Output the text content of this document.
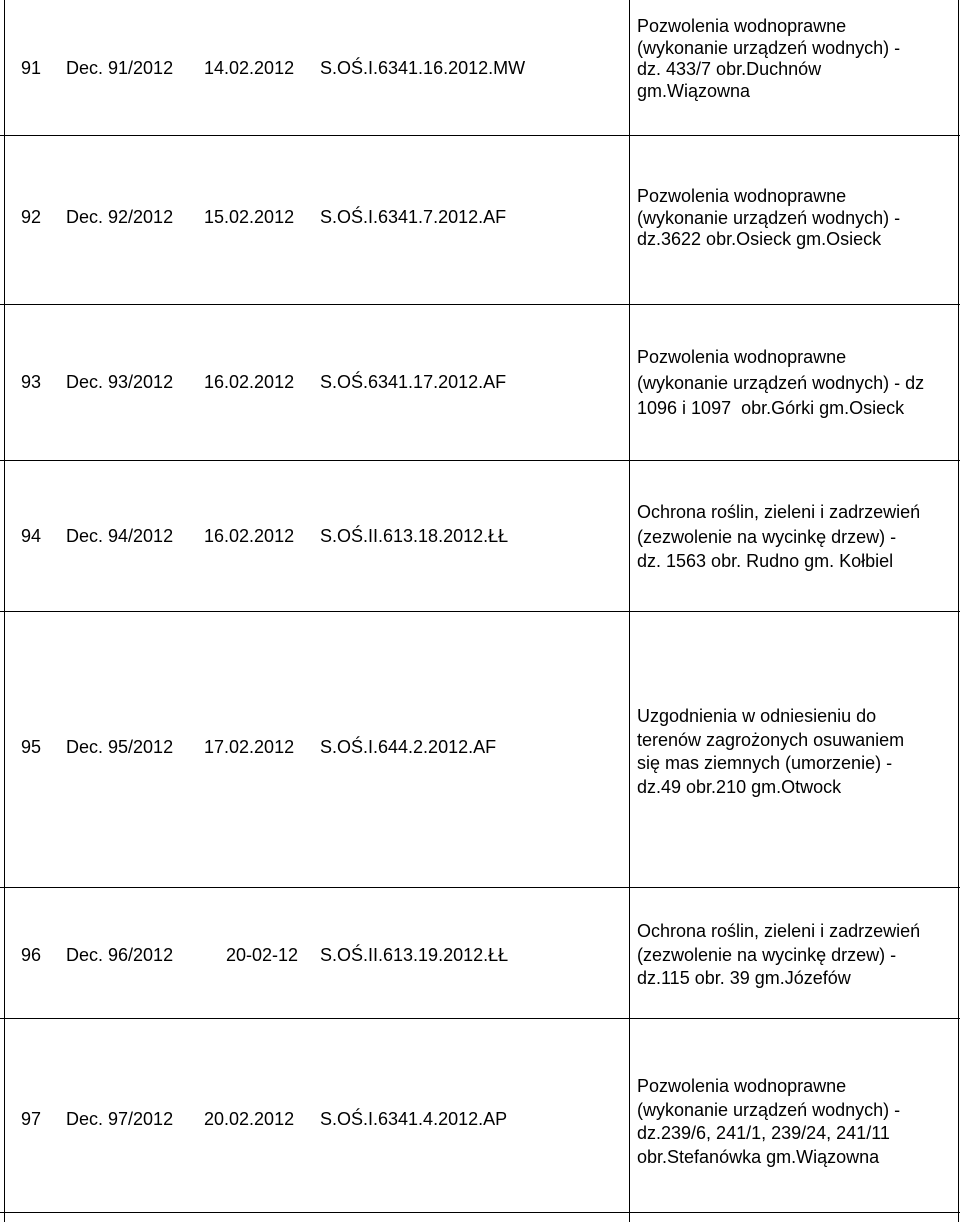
91 Dec. 91/2012 14.02.2012 S.OŚ.I.6341.16.2012.MW
Pozwolenia wodnoprawne
(wykonanie urządzeń wodnych) -
dz. 433/7 obr.Duchnów
gm.Wiązowna
92 Dec. 92/2012 15.02.2012 S.OŚ.I.6341.7.2012.AF
Pozwolenia wodnoprawne
(wykonanie urządzeń wodnych) -
dz.3622 obr.Osieck gm.Osieck
93 Dec. 93/2012 16.02.2012 S.OŚ.6341.17.2012.AF
Pozwolenia wodnoprawne
(wykonanie urządzeń wodnych) - dz
1096 i 1097  obr.Górki gm.Osieck
94 Dec. 94/2012 16.02.2012 S.OŚ.II.613.18.2012.ŁŁ
Ochrona roślin, zieleni i zadrzewień
(zezwolenie na wycinkę drzew) -
dz. 1563 obr. Rudno gm. Kołbiel
95 Dec. 95/2012 17.02.2012 S.OŚ.I.644.2.2012.AF
Uzgodnienia w odniesieniu do
terenów zagrożonych osuwaniem
się mas ziemnych (umorzenie) -
dz.49 obr.210 gm.Otwock
96 Dec. 96/2012	20-02-12 S.OŚ.II.613.19.2012.ŁŁ
Ochrona roślin, zieleni i zadrzewień
(zezwolenie na wycinkę drzew) -
dz.115 obr. 39 gm.Józefów
97 Dec. 97/2012 20.02.2012 S.OŚ.I.6341.4.2012.AP
Pozwolenia wodnoprawne
(wykonanie urządzeń wodnych) -
dz.239/6, 241/1, 239/24, 241/11
obr.Stefanówka gm.Wiązowna
